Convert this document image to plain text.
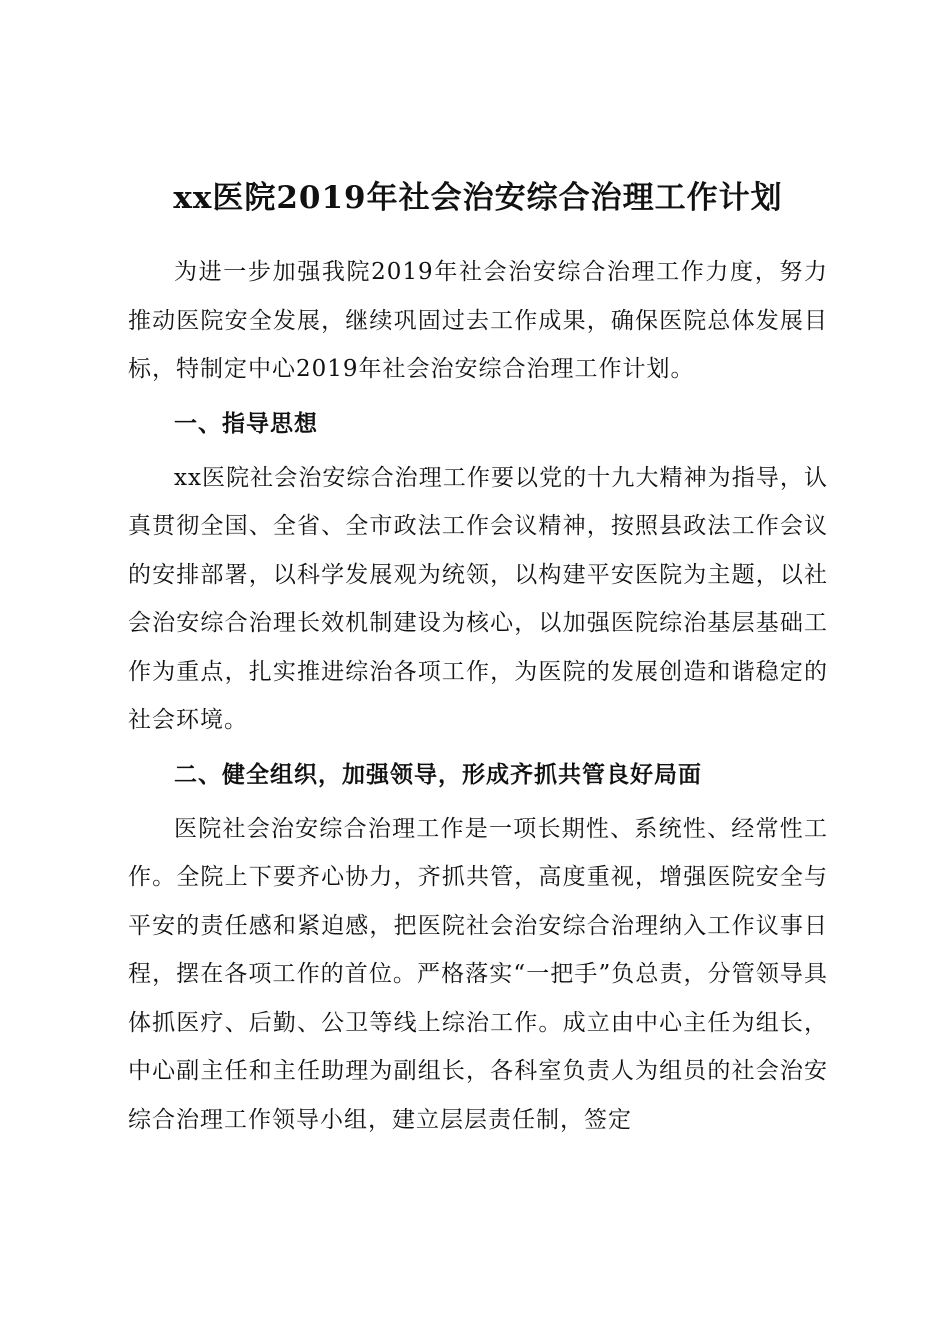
xx医院2019年社会治安综合治理工作计划

为进一步加强我院2019年社会治安综合治理工作力度，努力推动医院安全发展，继续巩固过去工作成果，确保医院总体发展目标，特制定中心2019年社会治安综合治理工作计划。

一、指导思想

xx医院社会治安综合治理工作要以党的十九大精神为指导，认真贯彻全国、全省、全市政法工作会议精神，按照县政法工作会议的安排部署，以科学发展观为统领，以构建平安医院为主题，以社会治安综合治理长效机制建设为核心，以加强医院综治基层基础工作为重点，扎实推进综治各项工作，为医院的发展创造和谐稳定的社会环境。

二、健全组织，加强领导，形成齐抓共管良好局面

医院社会治安综合治理工作是一项长期性、系统性、经常性工作。全院上下要齐心协力，齐抓共管，高度重视，增强医院安全与平安的责任感和紧迫感，把医院社会治安综合治理纳入工作议事日程，摆在各项工作的首位。严格落实“一把手”负总责，分管领导具体抓医疗、后勤、公卫等线上综治工作。成立由中心主任为组长，中心副主任和主任助理为副组长，各科室负责人为组员的社会治安综合治理工作领导小组，建立层层责任制，签定
